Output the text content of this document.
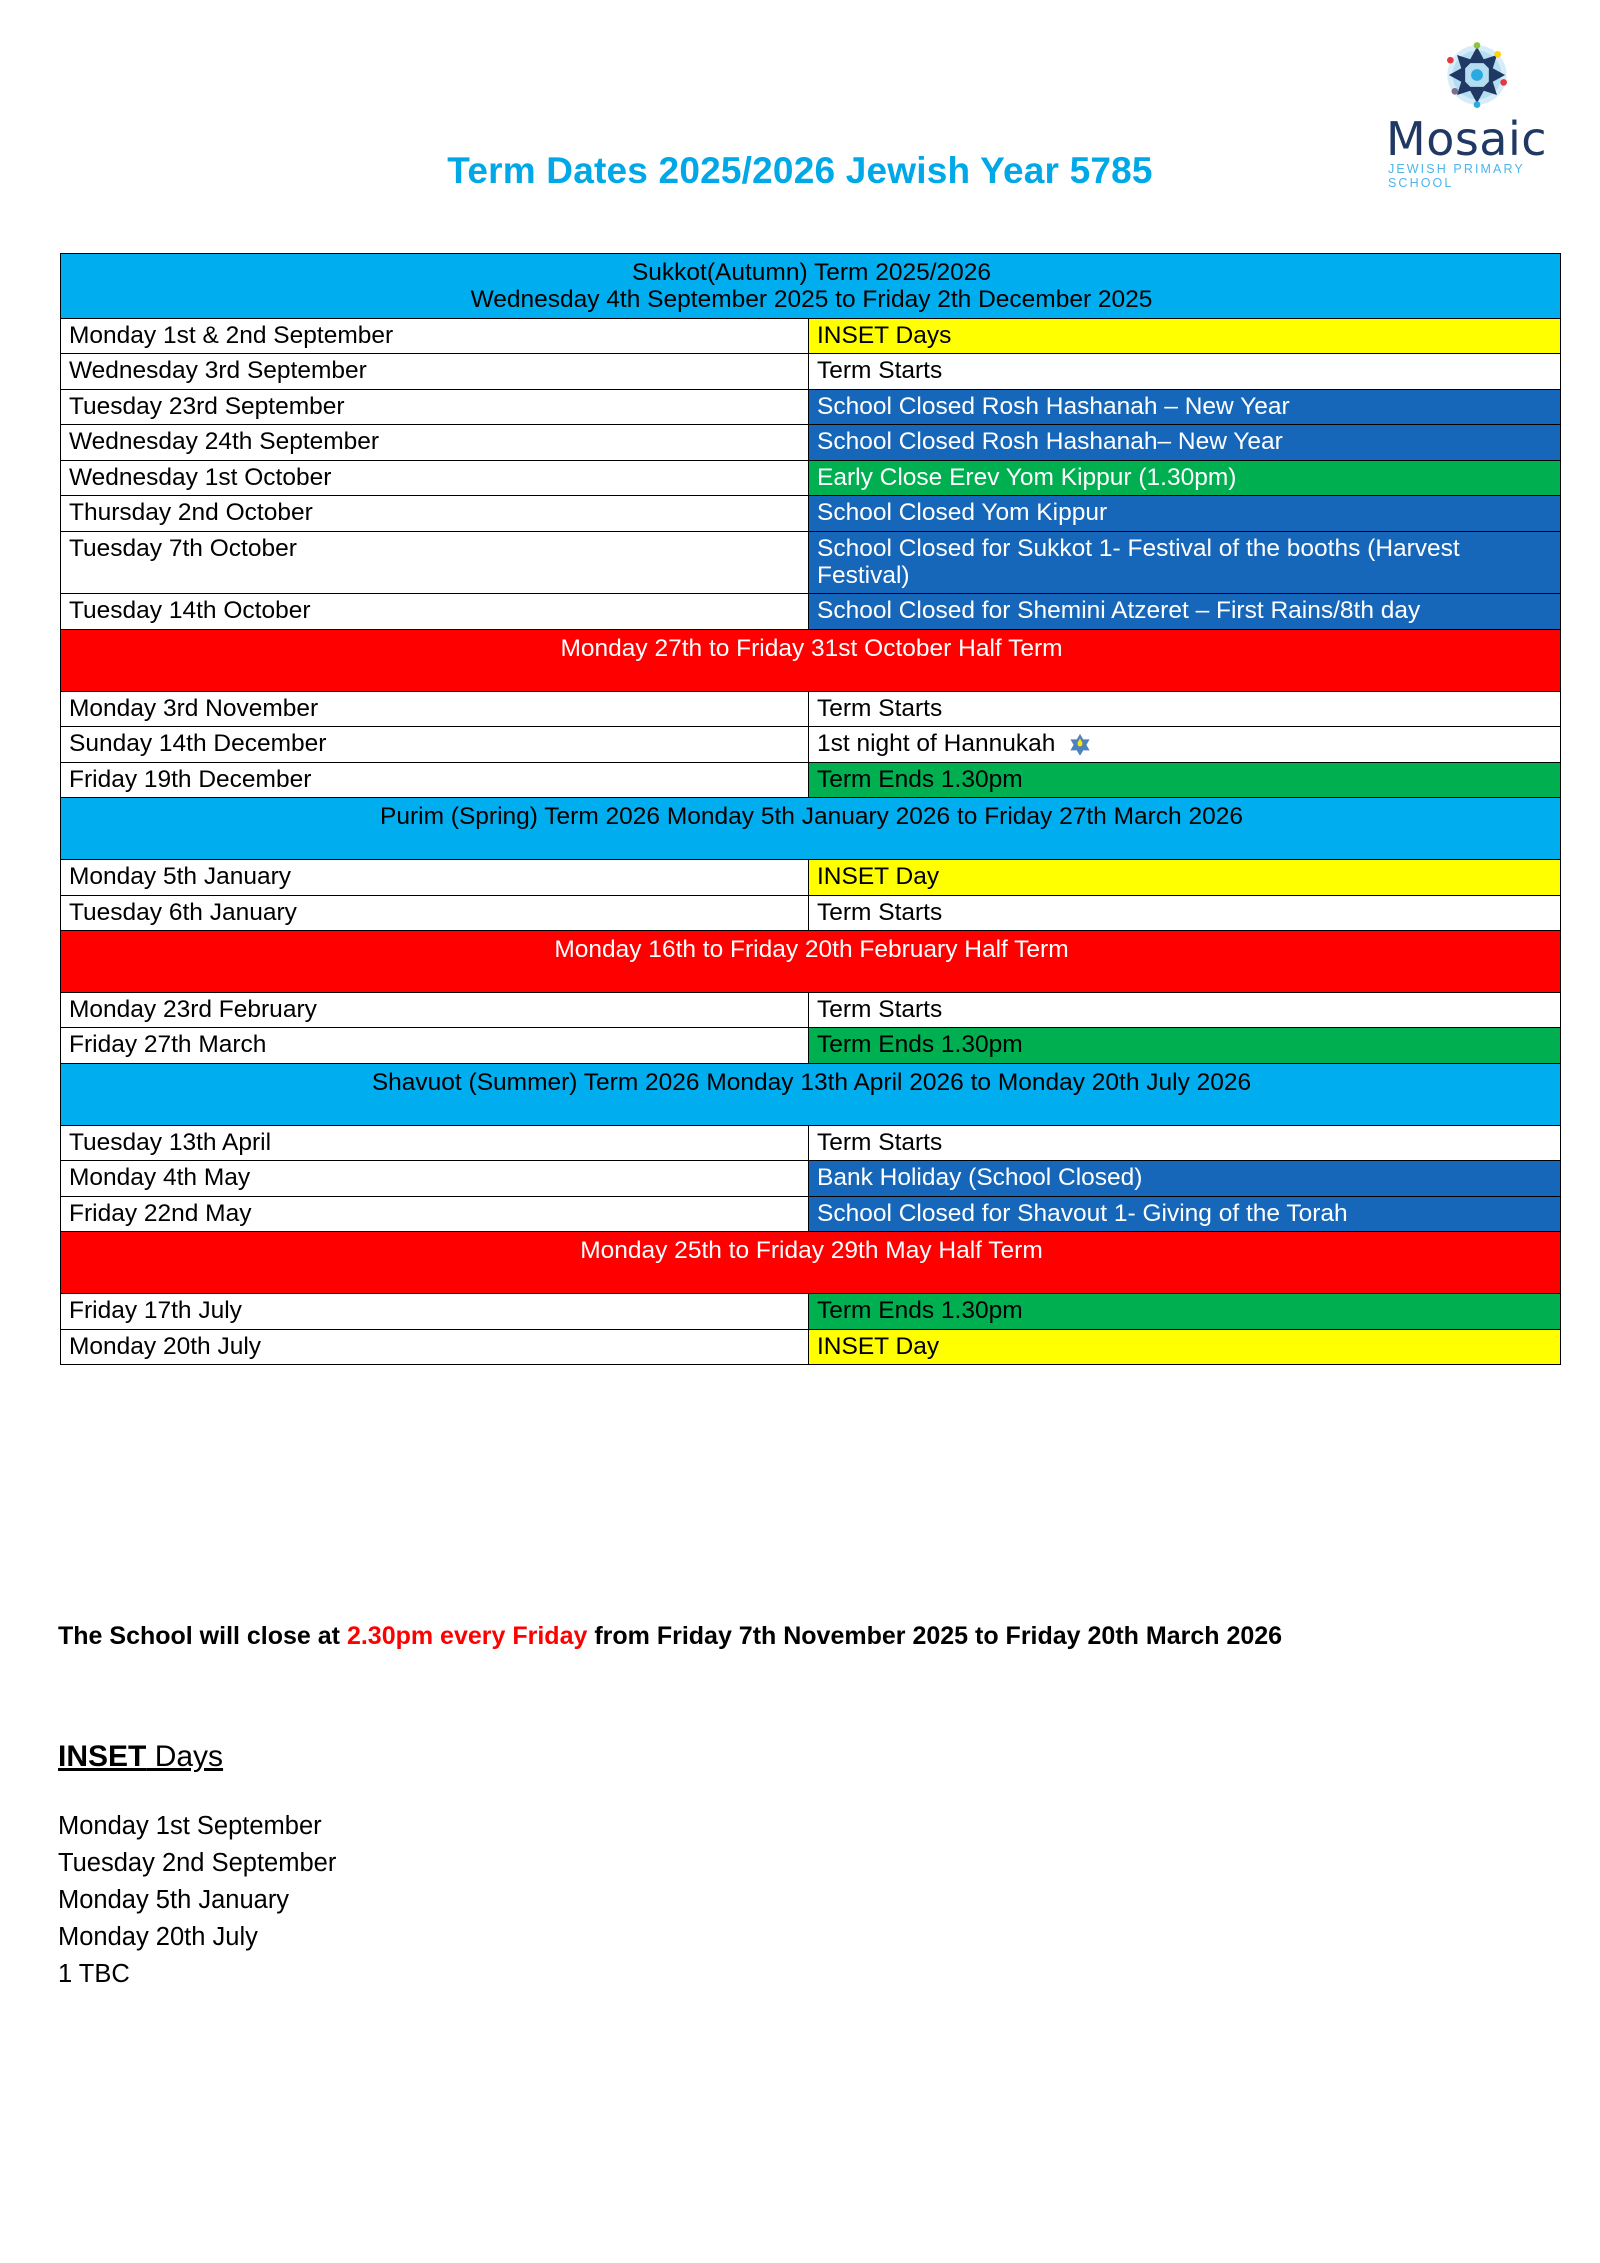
Mosaic
JEWISH PRIMARY SCHOOL
Term Dates 2025/2026 Jewish Year 5785
Sukkot(Autumn) Term 2025/2026
Wednesday 4th September 2025 to Friday 2th December 2025	
Monday 1st & 2nd September	INSET Days
Wednesday 3rd September	Term Starts
Tuesday 23rd September	School Closed Rosh Hashanah – New Year
Wednesday 24th September	School Closed Rosh Hashanah– New Year
Wednesday 1st October	Early Close Erev Yom Kippur (1.30pm)
Thursday 2nd October	School Closed Yom Kippur
Tuesday 7th October	School Closed for Sukkot 1- Festival of the booths (Harvest Festival)
Tuesday 14th October	School Closed for Shemini Atzeret – First Rains/8th day
Monday 27th to Friday 31st October Half Term	
Monday 3rd November	Term Starts
Sunday 14th December	1st night of Hannukah
Friday 19th December	Term Ends 1.30pm
Purim (Spring) Term 2026 Monday 5th January 2026 to Friday 27th March 2026	
Monday 5th January	INSET Day
Tuesday 6th January	Term Starts
Monday 16th to Friday 20th February Half Term	
Monday 23rd February	Term Starts
Friday 27th March	Term Ends 1.30pm
Shavuot (Summer) Term 2026 Monday 13th April 2026 to Monday 20th July 2026	
Tuesday 13th April	Term Starts
Monday 4th May	Bank Holiday (School Closed)
Friday 22nd May	School Closed for Shavout 1- Giving of the Torah
Monday 25th to Friday 29th May Half Term	
Friday 17th July	Term Ends 1.30pm
Monday 20th July	INSET Day
The School will close at 2.30pm every Friday from Friday 7th November 2025 to Friday 20th March 2026
INSET Days
Monday 1st September
Tuesday 2nd September
Monday 5th January
Monday 20th July
1 TBC
